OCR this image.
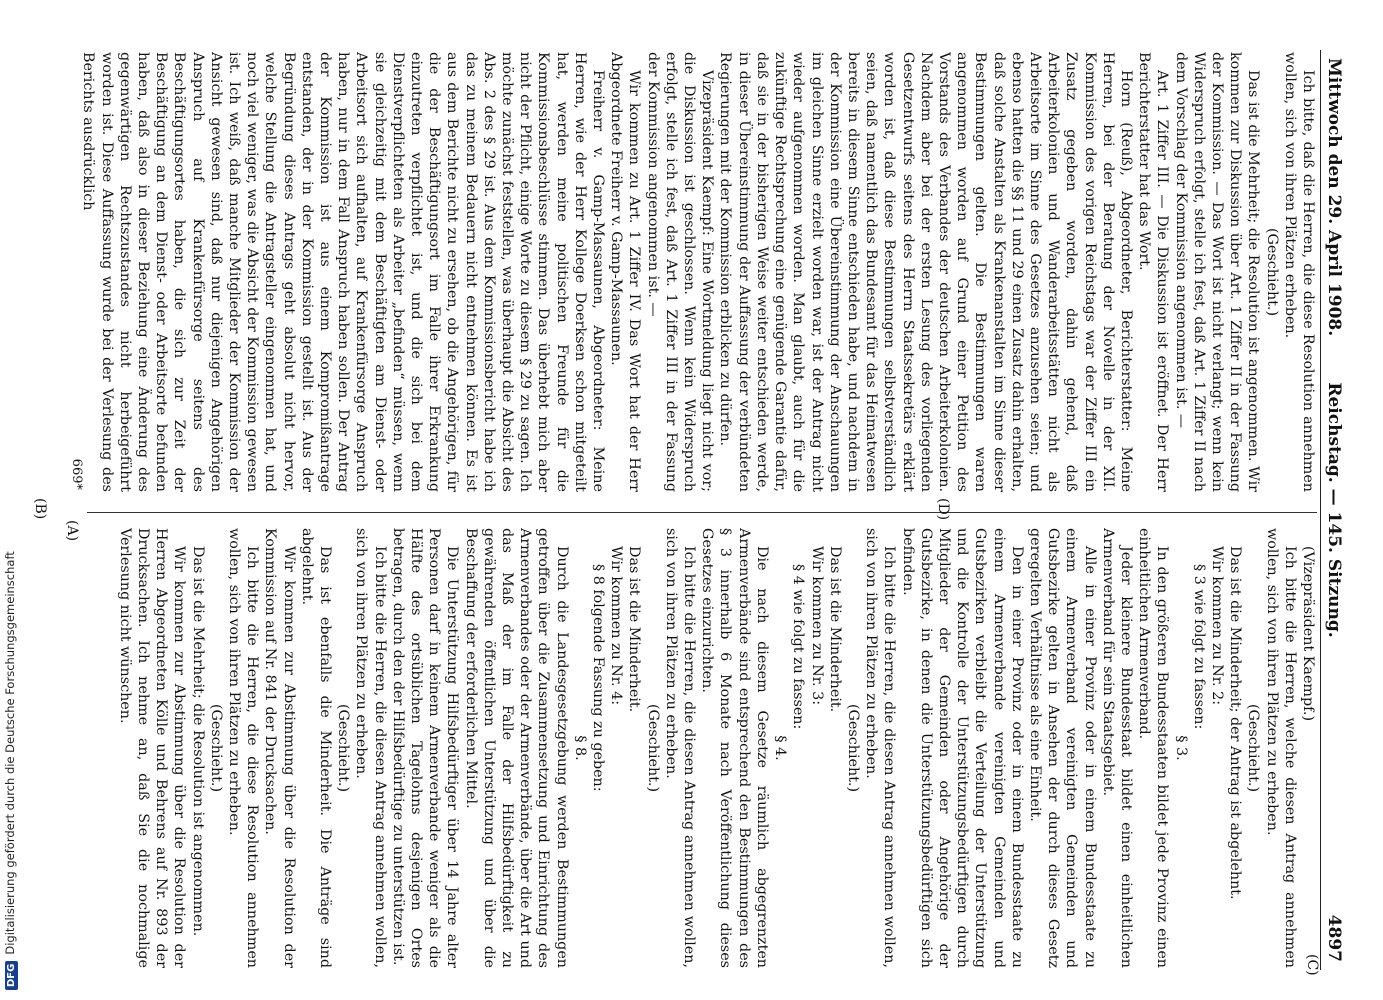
Mittwoch den 29. April 1908.
Reichstag. — 145. Sitzung.
4897

Ich bitte, daß die Herren, die diese Resolution annehmen wollen, sich von ihren Plätzen erheben.

(Geschieht.)

Das ist die Mehrheit; die Resolution ist angenommen. Wir kommen zur Diskussion über Art. 1 Ziffer II in der Fassung der Kommission. — Das Wort ist nicht verlangt; wenn kein Widerspruch erfolgt, stelle ich fest, daß Art. 1 Ziffer II nach dem Vorschlag der Kommission angenommen ist. —

Art. 1 Ziffer III. — Die Diskussion ist eröffnet. Der Herr Berichterstatter hat das Wort.

Horn (Reuß), Abgeordneter, Berichterstatter: Meine Herren, bei der Beratung der Novelle in der XII. Kommission des vorigen Reichstags war der Ziffer III ein Zusatz gegeben worden, dahin gehend, daß Arbeiterkolonien und Wanderarbeitsstätten nicht als Arbeitsorte im Sinne des Gesetzes anzusehen seien; und ebenso hatten die §§ 11 und 29 einen Zusatz dahin erhalten, daß solche Anstalten als Krankenanstalten im Sinne dieser Bestimmungen gelten. Die Bestimmungen waren angenommen worden auf Grund einer Petition des Vorstands des Verbandes der deutschen Arbeiterkolonien. Nachdem aber bei der ersten Lesung des vorliegenden Gesetzentwurfs seitens des Herrn Staatssekretärs erklärt worden ist, daß diese Bestimmungen selbstverständlich seien, daß namentlich das Bundesamt für das Heimatwesen bereits in diesem Sinne entschieden habe, und nachdem in der Kommission eine Übereinstimmung der Anschauungen im gleichen Sinne erzielt worden war, ist der Antrag nicht wieder aufgenommen worden. Man glaubt, auch für die zukünftige Rechtsprechung eine genügende Garantie dafür, daß sie in der bisherigen Weise weiter entschieden werde, in dieser Übereinstimmung der Auffassung der verbündeten Regierungen mit der Kommission erblicken zu dürfen.

Vizepräsident Kaempf: Eine Wortmeldung liegt nicht vor; die Diskussion ist geschlossen. Wenn kein Widerspruch erfolgt, stelle ich fest, daß Art. 1 Ziffer III in der Fassung der Kommission angenommen ist. —

Wir kommen zu Art. 1 Ziffer IV. Das Wort hat der Herr Abgeordnete Freiherr v. Gamp-Massaunen.

Freiherr v. Gamp-Massaunen, Abgeordneter: Meine Herren, wie der Herr Kollege Doerksen schon mitgeteilt hat, werden meine politischen Freunde für die Kommissionsbeschlüsse stimmen. Das überhebt mich aber nicht der Pflicht, einige Worte zu diesem § 29 zu sagen. Ich möchte zunächst feststellen, was überhaupt die Absicht des Abs. 2 des § 29 ist. Aus dem Kommissionsbericht habe ich das zu meinem Bedauern nicht entnehmen können. Es ist aus dem Berichte nicht zu ersehen, ob die Angehörigen, für die der Beschäftigungsort im Falle ihrer Erkrankung einzutreten verpflichtet ist, und die sich bei dem Dienstverpflichteten als Arbeiter „befinden“ müssen, wenn sie gleichzeitig mit dem Beschäftigten am Dienst- oder Arbeitsort sich aufhalten, auf Krankenfürsorge Anspruch haben, nur in dem Fall Anspruch haben sollen. Der Antrag der Kommission ist aus einem Kompromißantrage entstanden, der in der Kommission gestellt ist. Aus der Begründung dieses Antrags geht absolut nicht hervor, welche Stellung die Antragsteller eingenommen hat, und noch viel weniger, was die Absicht der Kommission gewesen ist. Ich weiß, daß manche Mitglieder der Kommission der Ansicht gewesen sind, daß nur diejenigen Angehörigen Anspruch auf Krankenfürsorge seitens des Beschäftigungsortes haben, die sich zur Zeit der Beschäftigung an dem Dienst- oder Arbeitsorte befunden haben, daß also in dieser Beziehung eine Änderung des gegenwärtigen Rechtszustandes nicht herbeigeführt worden ist. Diese Auffassung wurde bei der Verlesung des Berichts ausdrücklich

(Vizepräsident Kaempf.)

Ich bitte die Herren, welche diesen Antrag annehmen wollen, sich von ihren Plätzen zu erheben.

(Geschieht.)

Das ist die Minderheit; der Antrag ist abgelehnt.

Wir kommen zu Nr. 2:

§ 3 wie folgt zu fassen:

§ 3.

In den größeren Bundesstaaten bildet jede Provinz einen einheitlichen Armenverband.

Jeder kleinere Bundesstaat bildet einen einheitlichen Armenverband für sein Staatsgebiet.

Alle in einer Provinz oder in einem Bundesstaate zu einem Armenverband vereinigten Gemeinden und Gutsbezirke gelten in Ansehen der durch dieses Gesetz geregelten Verhältnisse als eine Einheit.

Den in einer Provinz oder in einem Bundesstaate zu einem Armenverbande vereinigten Gemeinden und Gutsbezirken verbleibt die Verteilung der Unterstützung und die Kontrolle der Unterstützungsbedürftigen durch Mitglieder der Gemeinden oder Angehörige der Gutsbezirke, in denen die Unterstützungsbedürftigen sich befinden.

Ich bitte die Herren, die diesen Antrag annehmen wollen, sich von ihren Plätzen zu erheben.

(Geschieht.)

Das ist die Minderheit.

Wir kommen zu Nr. 3:

§ 4 wie folgt zu fassen:

§ 4.

Die nach diesem Gesetze räumlich abgegrenzten Armenverbände sind entsprechend den Bestimmungen des § 3 innerhalb 6 Monate nach Veröffentlichung dieses Gesetzes einzurichten.

Ich bitte die Herren, die diesen Antrag annehmen wollen, sich von ihren Plätzen zu erheben.

(Geschieht.)

Das ist die Minderheit.

Wir kommen zu Nr. 4:

§ 8 folgende Fassung zu geben:

§ 8.

Durch die Landesgesetzgebung werden Bestimmungen getroffen über die Zusammensetzung und Einrichtung des Armenverbandes oder der Armenverbände, über die Art und das Maß der im Falle der Hilfsbedürftigkeit zu gewährenden öffentlichen Unterstützung und über die Beschaffung der erforderlichen Mittel.

Die Unterstützung Hilfsbedürftiger über 14 Jahre alter Personen darf in keinem Armenverbande weniger als die Hälfte des ortsüblichen Tagelohns desjenigen Ortes betragen, durch den der Hilfsbedürftige zu unterstützen ist.

Ich bitte die Herren, die diesen Antrag annehmen wollen, sich von ihren Plätzen zu erheben.

(Geschieht.)

Das ist ebenfalls die Minderheit. Die Anträge sind abgelehnt.

Wir kommen zur Abstimmung über die Resolution der Kommission auf Nr. 841 der Drucksachen.

Ich bitte die Herren, die diese Resolution annehmen wollen, sich von ihren Plätzen zu erheben.

(Geschieht.)

Das ist die Mehrheit; die Resolution ist angenommen.

Wir kommen zur Abstimmung über die Resolution der Herren Abgeordneten Kölle und Behrens auf Nr. 893 der Drucksachen. Ich nehme an, daß Sie die nochmalige Verlesung nicht wünschen.

(C)
(D)
(A)
(B)
669*
DFGDigitalisierung gefördert durch die Deutsche Forschungsgemeinschaft
